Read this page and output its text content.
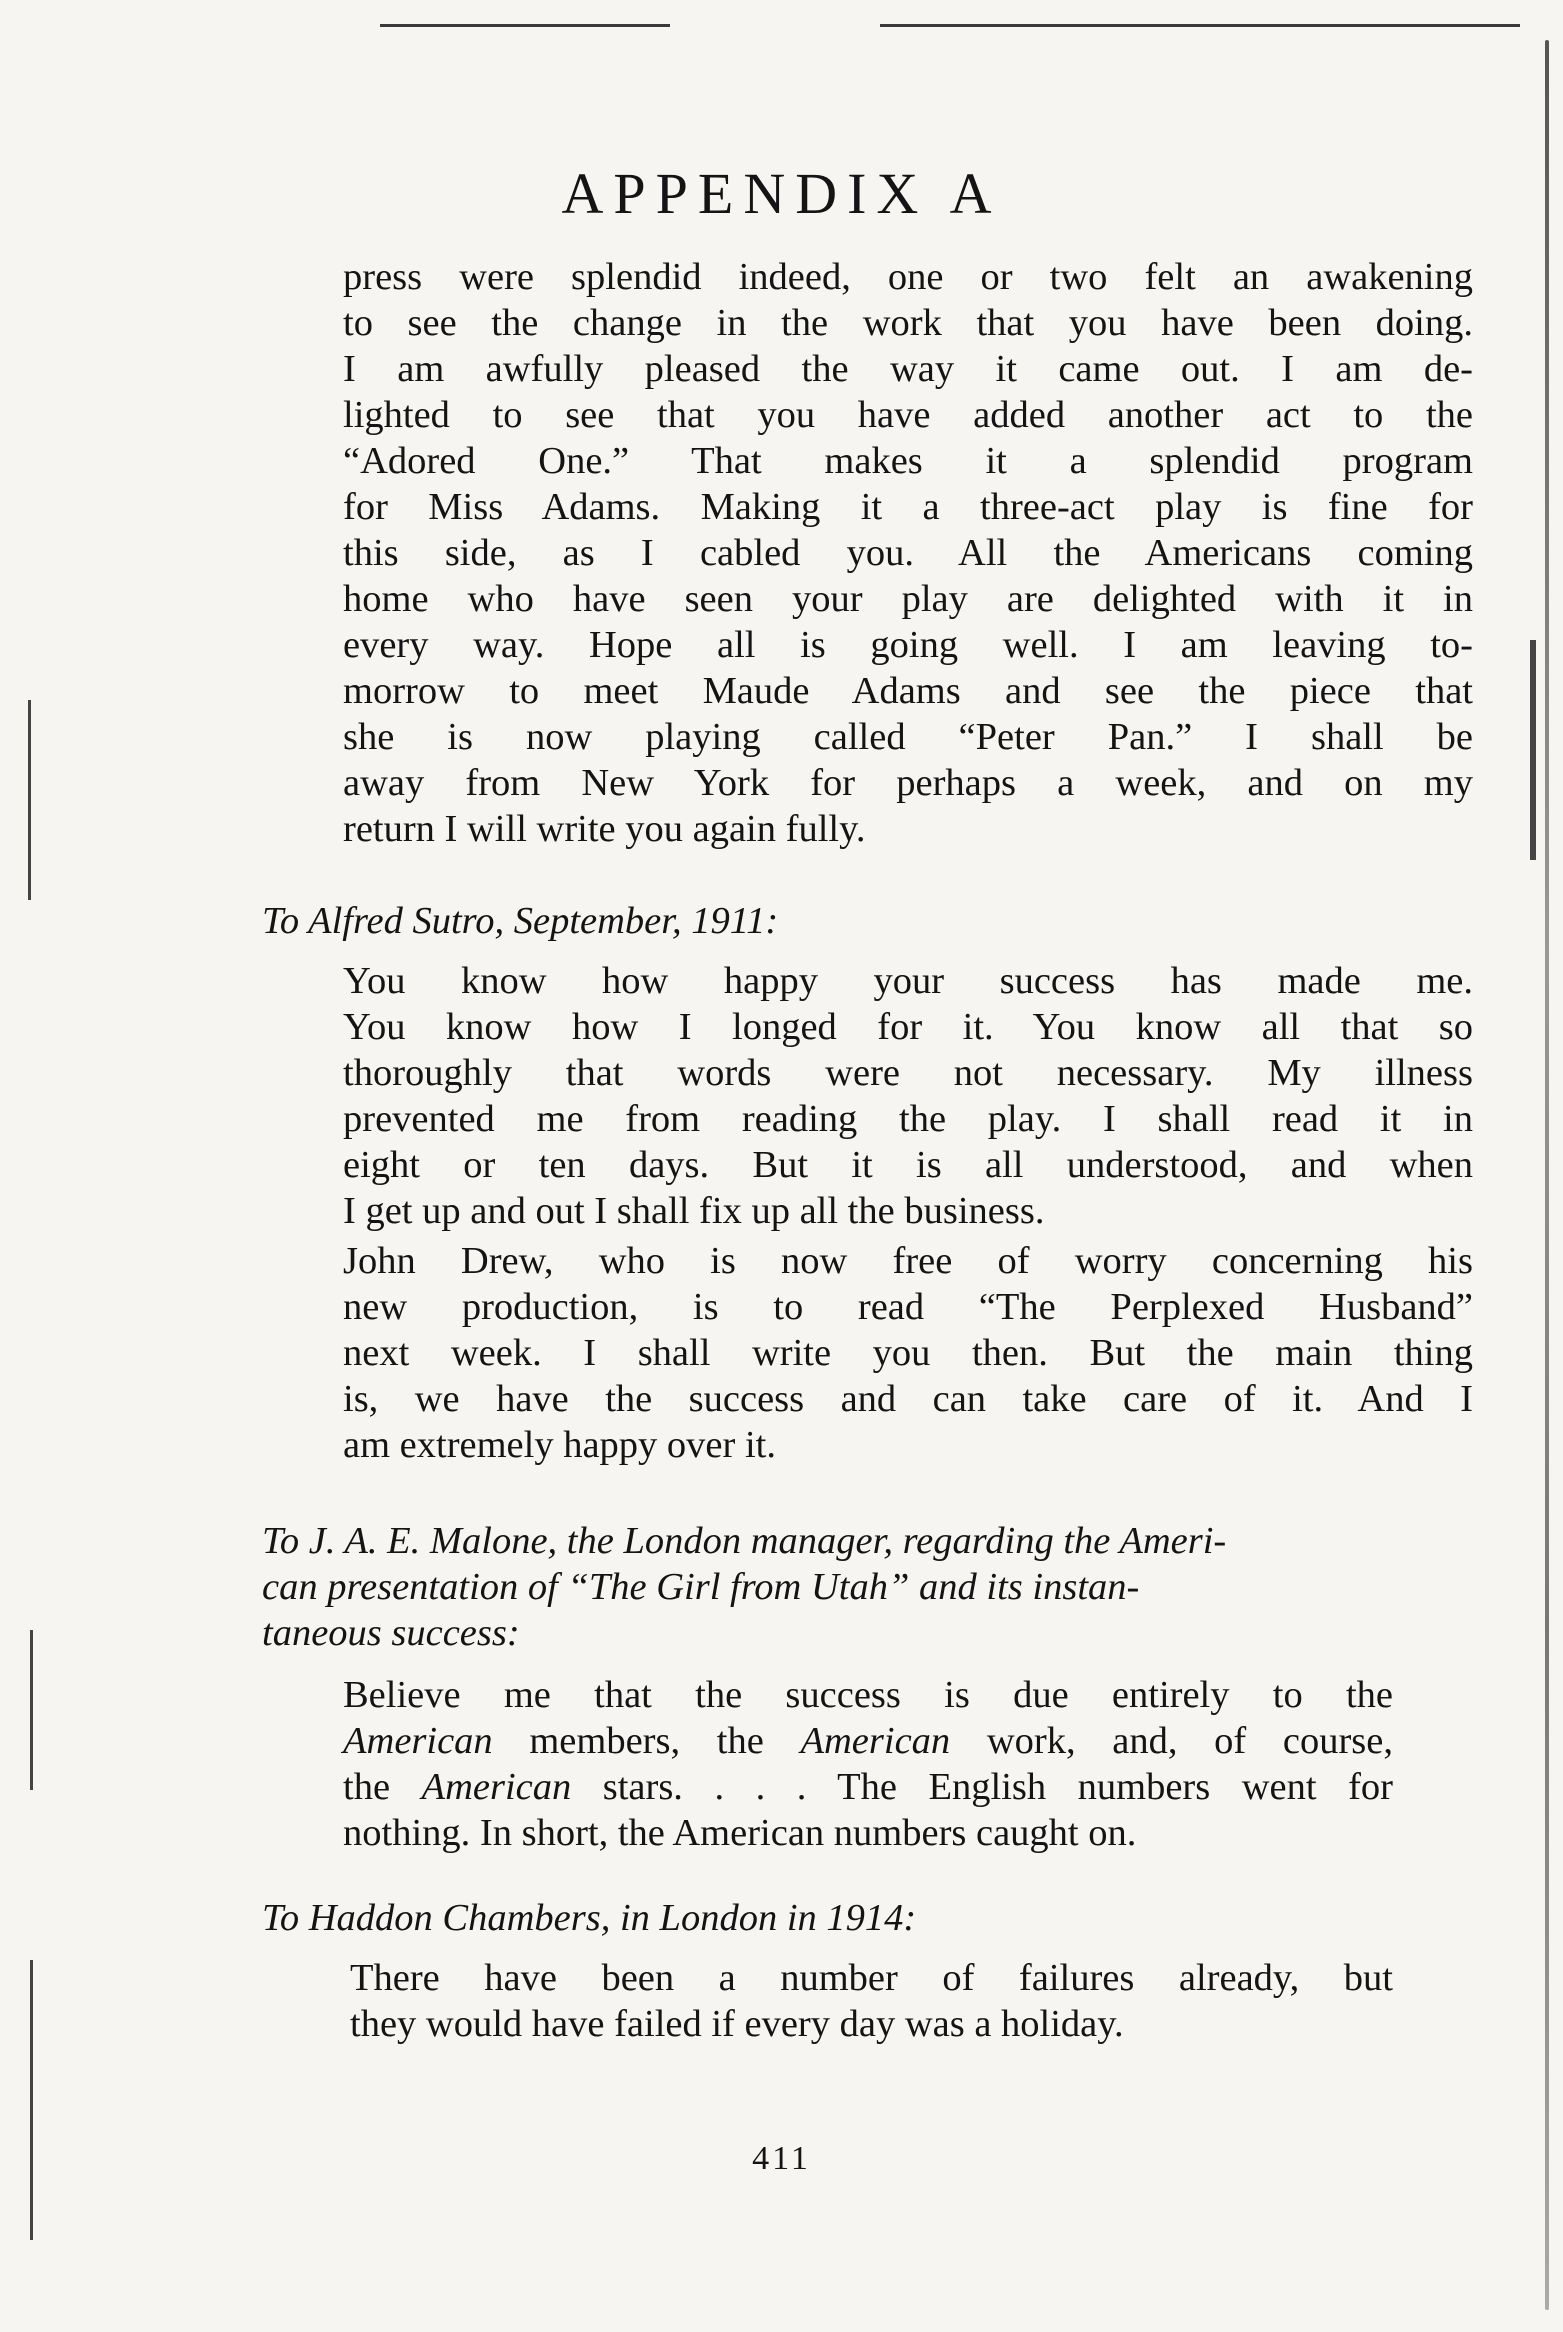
APPENDIX A
press were splendid indeed, one or two felt an awakening
to see the change in the work that you have been doing.
I am awfully pleased the way it came out. I am de-
lighted to see that you have added another act to the
“Adored One.” That makes it a splendid program
for Miss Adams. Making it a three-act play is fine for
this side, as I cabled you. All the Americans coming
home who have seen your play are delighted with it in
every way. Hope all is going well. I am leaving to-
morrow to meet Maude Adams and see the piece that
she is now playing called “Peter Pan.” I shall be
away from New York for perhaps a week, and on my
return I will write you again fully.
To Alfred Sutro, September, 1911:
You know how happy your success has made me.
You know how I longed for it. You know all that so
thoroughly that words were not necessary. My illness
prevented me from reading the play. I shall read it in
eight or ten days. But it is all understood, and when
I get up and out I shall fix up all the business.
John Drew, who is now free of worry concerning his
new production, is to read “The Perplexed Husband”
next week. I shall write you then. But the main thing
is, we have the success and can take care of it. And I
am extremely happy over it.
To J. A. E. Malone, the London manager, regarding the Ameri-
can presentation of “The Girl from Utah” and its instan-
taneous success:
Believe me that the success is due entirely to the
American members, the American work, and, of course,
the American stars. . . . The English numbers went for
nothing. In short, the American numbers caught on.
To Haddon Chambers, in London in 1914:
There have been a number of failures already, but
they would have failed if every day was a holiday.
411
